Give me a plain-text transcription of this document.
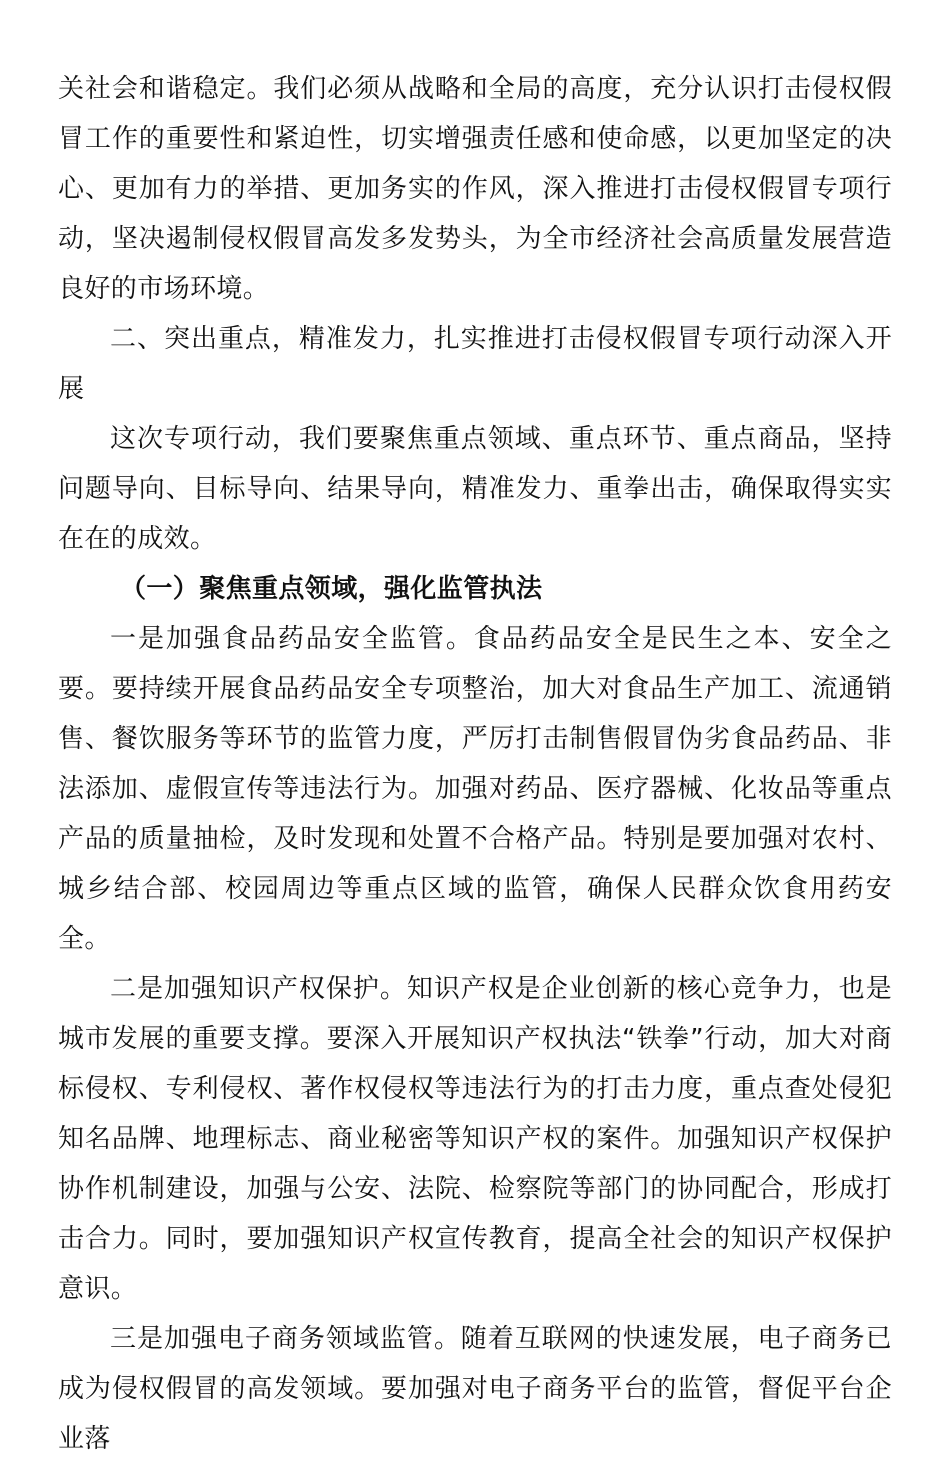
关社会和谐稳定。我们必须从战略和全局的高度，充分认识打击侵权假冒工作的重要性和紧迫性，切实增强责任感和使命感，以更加坚定的决心、更加有力的举措、更加务实的作风，深入推进打击侵权假冒专项行动，坚决遏制侵权假冒高发多发势头，为全市经济社会高质量发展营造良好的市场环境。

二、突出重点，精准发力，扎实推进打击侵权假冒专项行动深入开展

这次专项行动，我们要聚焦重点领域、重点环节、重点商品，坚持问题导向、目标导向、结果导向，精准发力、重拳出击，确保取得实实在在的成效。

（一）聚焦重点领域，强化监管执法

一是加强食品药品安全监管。食品药品安全是民生之本、安全之要。要持续开展食品药品安全专项整治，加大对食品生产加工、流通销售、餐饮服务等环节的监管力度，严厉打击制售假冒伪劣食品药品、非法添加、虚假宣传等违法行为。加强对药品、医疗器械、化妆品等重点产品的质量抽检，及时发现和处置不合格产品。特别是要加强对农村、城乡结合部、校园周边等重点区域的监管，确保人民群众饮食用药安全。

二是加强知识产权保护。知识产权是企业创新的核心竞争力，也是城市发展的重要支撑。要深入开展知识产权执法“铁拳”行动，加大对商标侵权、专利侵权、著作权侵权等违法行为的打击力度，重点查处侵犯知名品牌、地理标志、商业秘密等知识产权的案件。加强知识产权保护协作机制建设，加强与公安、法院、检察院等部门的协同配合，形成打击合力。同时，要加强知识产权宣传教育，提高全社会的知识产权保护意识。

三是加强电子商务领域监管。随着互联网的快速发展，电子商务已成为侵权假冒的高发领域。要加强对电子商务平台的监管，督促平台企业落
